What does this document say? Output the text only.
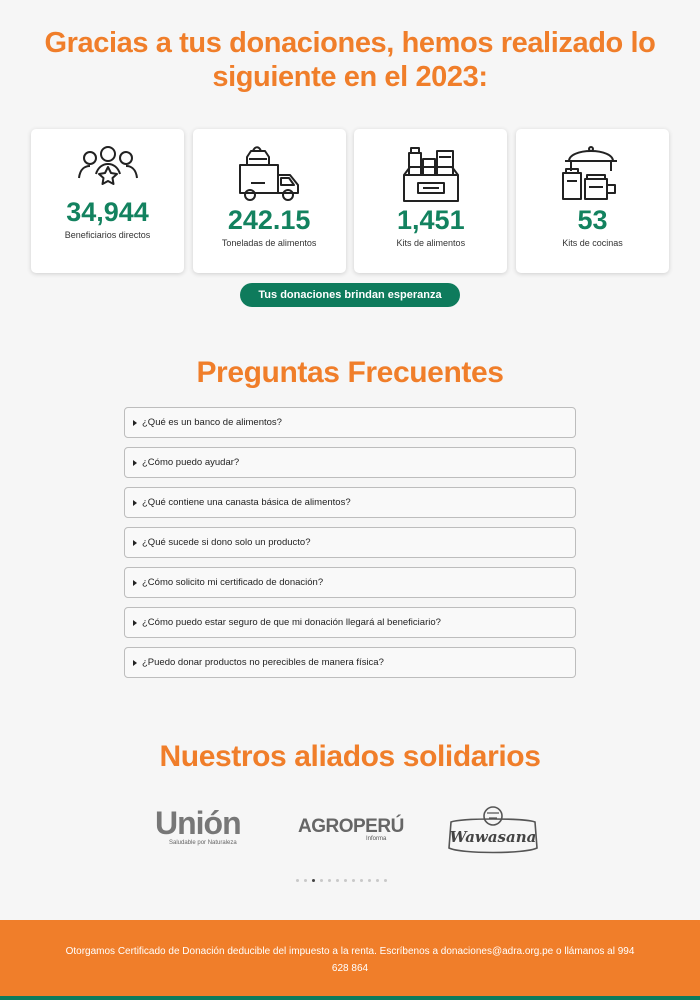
Gracias a tus donaciones, hemos realizado lo siguiente en el 2023:
34,944
Beneficiarios directos	242.15
Toneladas de alimentos
1,451
Kits de alimentos
53
Kits de cocinas
Tus donaciones brindan esperanza
Preguntas Frecuentes
¿Qué es un banco de alimentos?
¿Cómo puedo ayudar?
¿Qué contiene una canasta básica de alimentos?
¿Qué sucede si dono solo un producto?
¿Cómo solicito mi certificado de donación?
¿Cómo puedo estar seguro de que mi donación llegará al beneficiario?
¿Puedo donar productos no perecibles de manera física?
Nuestros aliados solidarios
Unión
Saludable por Naturaleza
AGROPERÚ
Informa	Wawasana

Otorgamos Certificado de Donación deducible del impuesto a la renta. Escríbenos a donaciones@adra.org.pe o llámanos al 994 628 864
